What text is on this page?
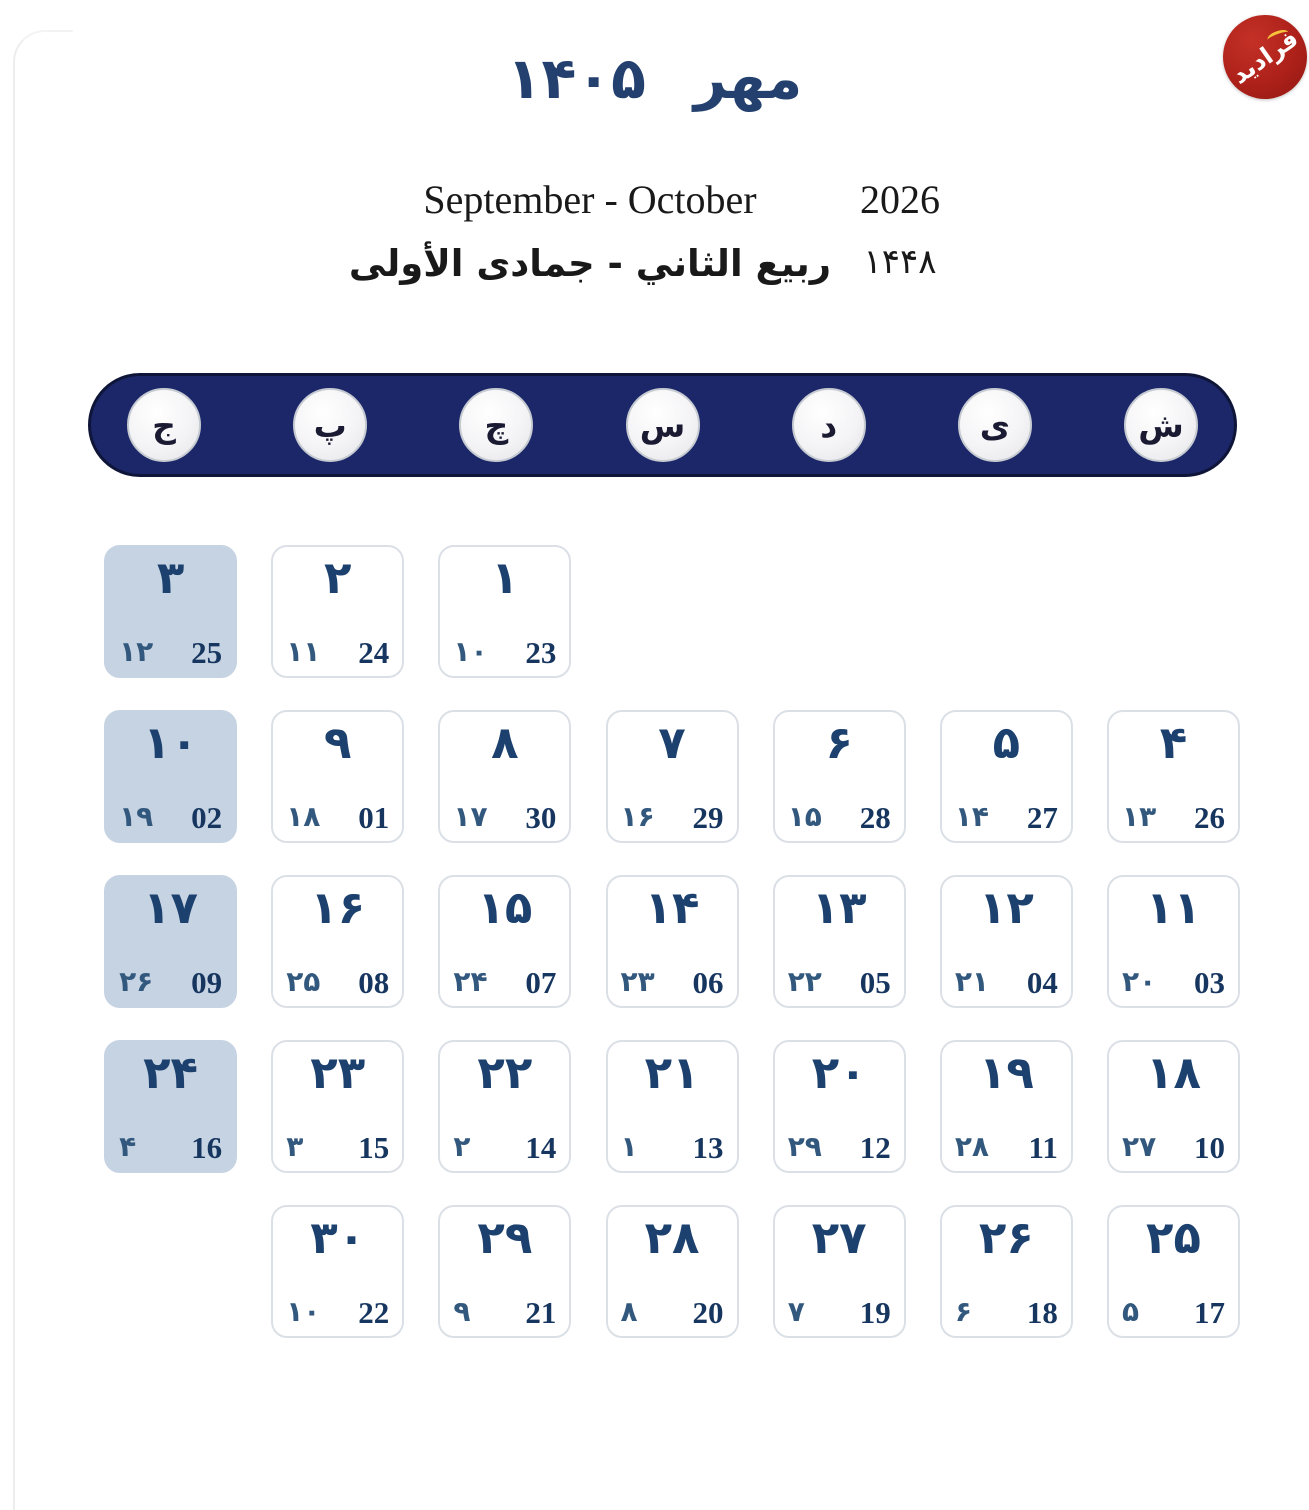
فرادید
مهر
۱۴۰۵
September - October	2026
ربيع الثاني - جمادى الأولى ۱۴۴۸
ش
ی
د
س
چ
پ
ج
۱
۱۰ 23
۲
۱۱ 24
۳
۱۲ 25
۴
۱۳ 26
۵
۱۴ 27
۶
۱۵ 28
۷
۱۶ 29
۸
۱۷ 30
۹
۱۸ 01
۱۰
۱۹ 02
۱۱
۲۰ 03
۱۲
۲۱ 04
۱۳
۲۲ 05
۱۴
۲۳ 06
۱۵
۲۴ 07
۱۶
۲۵ 08
۱۷
۲۶ 09
۱۸
۲۷ 10
۱۹
۲۸ 11
۲۰
۲۹ 12
۲۱
۱ 13
۲۲
۲ 14
۲۳
۳ 15
۲۴
۴ 16
۲۵
۵ 17
۲۶
۶ 18
۲۷
۷ 19
۲۸
۸ 20
۲۹
۹ 21
۳۰
۱۰ 22
